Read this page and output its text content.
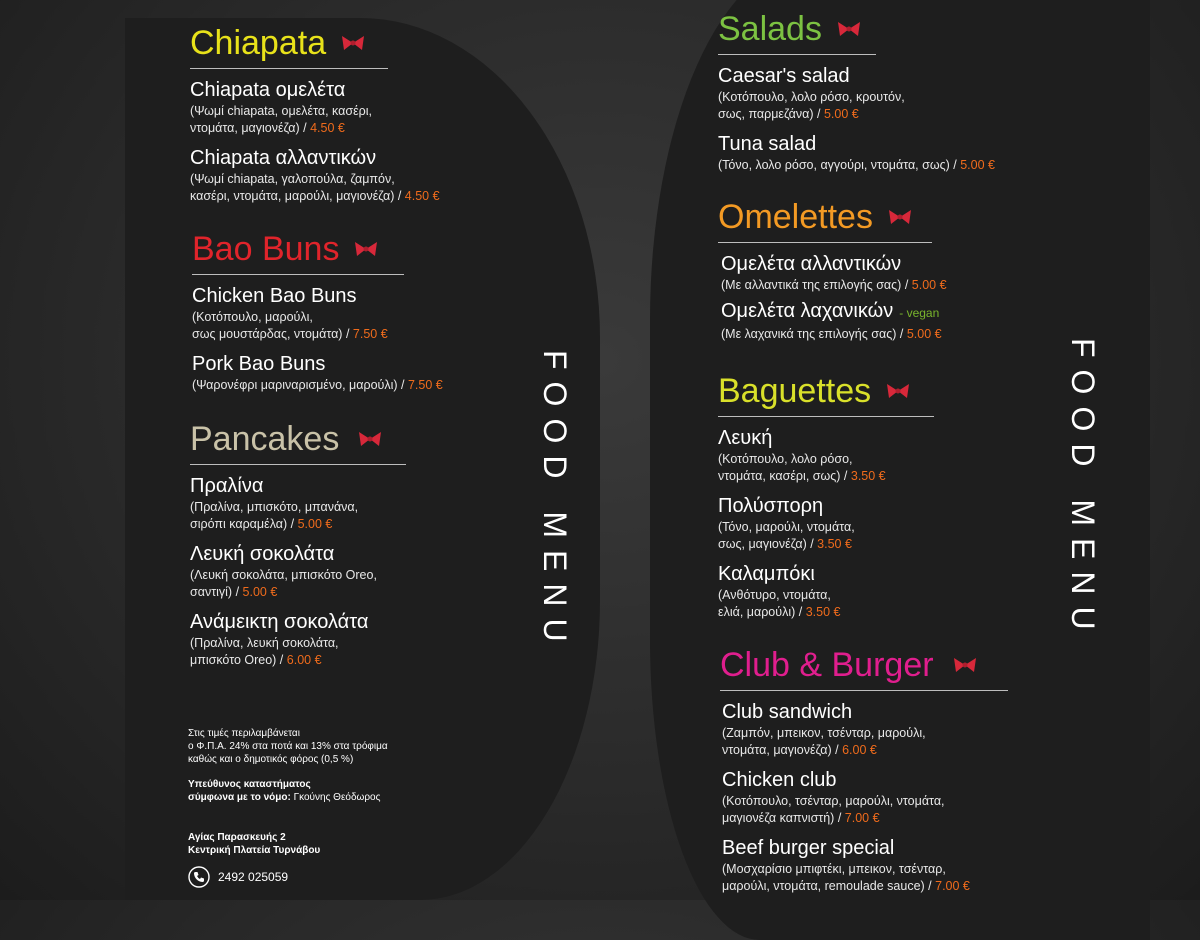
Chiapata
Chiapata ομελέτα
(Ψωμί chiapata, ομελέτα, κασέρι,
ντομάτα, μαγιονέζα) / 4.50 €
Chiapata αλλαντικών
(Ψωμί chiapata, γαλοπούλα, ζαμπόν,
κασέρι, ντομάτα, μαρούλι, μαγιονέζα) / 4.50 €
Bao Buns
Chicken Bao Buns
(Κοτόπουλο, μαρούλι,
σως μουστάρδας, ντομάτα) / 7.50 €
Pork Bao Buns
(Ψαρονέφρι μαριναρισμένο, μαρούλι) / 7.50 €
Pancakes
Πραλίνα
(Πραλίνα, μπισκότο, μπανάνα,
σιρόπι καραμέλα) / 5.00 €
Λευκή σοκολάτα
(Λευκή σοκολάτα, μπισκότο Oreo,
σαντιγί) / 5.00 €
Ανάμεικτη σοκολάτα
(Πραλίνα, λευκή σοκολάτα,
μπισκότο Oreo) / 6.00 €
FOOD MENU
Στις τιμές περιλαμβάνεται
ο Φ.Π.Α. 24% στα ποτά και 13% στα τρόφιμα
καθώς και ο δημοτικός φόρος (0,5 %)
Υπεύθυνος καταστήματος
σύμφωνα με το νόμο: Γκούνης Θεόδωρος
Αγίας Παρασκευής 2
Κεντρική Πλατεία Τυρνάβου
2492 025059
Salads
Caesar's salad
(Κοτόπουλο, λολο ρόσο, κρουτόν,
σως, παρμεζάνα) / 5.00 €
Tuna salad
(Τόνο, λολο ρόσο, αγγούρι, ντομάτα, σως) / 5.00 €
Omelettes
Ομελέτα αλλαντικών
(Με αλλαντικά της επιλογής σας) / 5.00 €
Ομελέτα λαχανικών - vegan
(Με λαχανικά της επιλογής σας) / 5.00 €
Baguettes
Λευκή
(Κοτόπουλο, λολο ρόσο,
ντομάτα, κασέρι, σως) / 3.50 €
Πολύσπορη
(Τόνο, μαρούλι, ντομάτα,
σως, μαγιονέζα) / 3.50 €
Καλαμπόκι
(Ανθότυρο, ντομάτα,
ελιά, μαρούλι) / 3.50 €
Club & Burger
Club sandwich
(Ζαμπόν, μπεικον, τσένταρ, μαρούλι,
ντομάτα, μαγιονέζα) / 6.00 €
Chicken club
(Κοτόπουλο, τσένταρ, μαρούλι, ντομάτα,
μαγιονέζα καπνιστή) / 7.00 €
Beef burger special
(Μοσχαρίσιο μπιφτέκι, μπεικον, τσένταρ,
μαρούλι, ντομάτα, remoulade sauce) / 7.00 €
FOOD MENU
